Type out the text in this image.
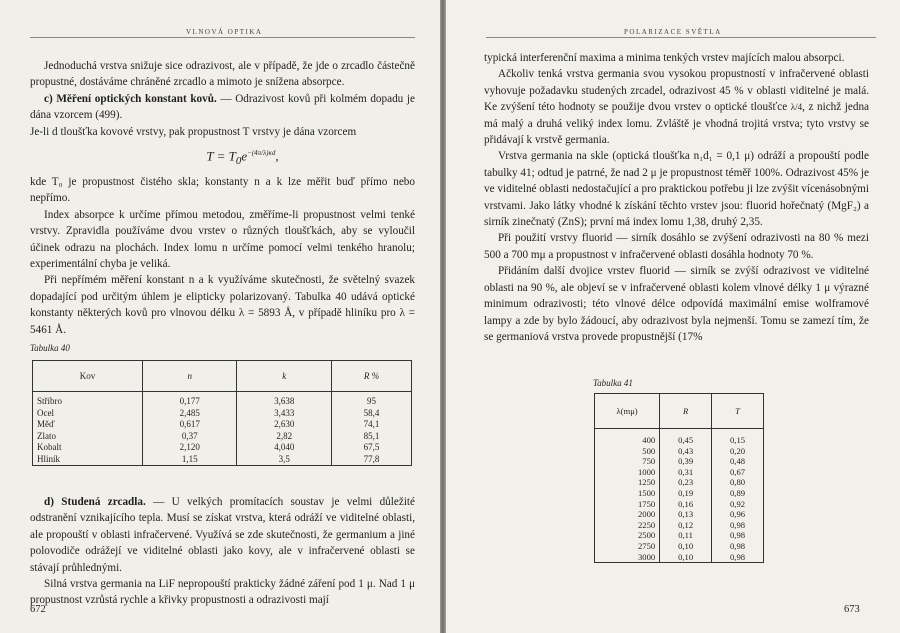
VLNOVÁ OPTIKA

Jednoduchá vrstva snižuje sice odrazivost, ale v případě, že jde o zrcadlo částečně propustné, dostáváme chráněné zrcadlo a mimoto je snížena absorpce.

c) Měření optických konstant kovů. — Odrazivost kovů při kolmém dopadu je dána vzorcem (499).

Je-li d tloušťka kovové vrstvy, pak propustnost T vrstvy je dána vzorcem

$T = T_0e^{-(4\pi/\lambda)\kappa d}$,

kde T₀ je propustnost čistého skla; konstanty n a k lze měřit buď přímo nebo nepřímo.

Index absorpce k určíme přímou metodou, změříme-li propustnost velmi tenké vrstvy. Zpravidla používáme dvou vrstev o různých tloušťkách, aby se vyloučil účinek odrazu na plochách. Index lomu n určíme pomocí velmi tenkého hranolu; experimentální chyba je veliká.

Při nepřímém měření konstant n a k využíváme skutečnosti, že světelný svazek dopadající pod určitým úhlem je elipticky polarizovaný. Tabulka 40 udává optické konstanty některých kovů pro vlnovou délku λ = 5893 Å, v případě hliníku pro λ = 5461 Å.

Tabulka 40
Kov	n	k	R %
Stříbro	0,177	3,638	95
Ocel	2,485	3,433	58,4
Měď	0,617	2,630	74,1
Zlato	0,37	2,82	85,1
Kobalt	2,120	4,040	67,5
Hliník	1,15	3,5	77,8

d) Studená zrcadla. — U velkých promítacích soustav je velmi důležité odstranění vznikajícího tepla. Musí se získat vrstva, která odráží ve viditelné oblasti, ale propouští v oblasti infračervené. Využívá se zde skutečnosti, že germanium a jiné polovodiče odrážejí ve viditelné oblasti jako kovy, ale v infračervené oblasti se stávají průhlednými.

Silná vrstva germania na LiF nepropouští prakticky žádné záření pod 1 μ. Nad 1 μ propustnost vzrůstá rychle a křivky propustnosti a odrazivosti mají

672
POLARIZACE SVĚTLA

typická interferenční maxima a minima tenkých vrstev majících malou absorpci.

Ačkoliv tenká vrstva germania svou vysokou propustností v infračervené oblasti vyhovuje požadavku studených zrcadel, odrazivost 45 % v oblasti viditelné je malá. Ke zvýšení této hodnoty se použije dvou vrstev o optické tloušťce λ/4, z nichž jedna má malý a druhá veliký index lomu. Zvláště je vhodná trojitá vrstva; tyto vrstvy se přidávají k vrstvě germania.

Vrstva germania na skle (optická tloušťka n₁d₁ = 0,1 μ) odráží a propouští podle tabulky 41; odtud je patrné, že nad 2 μ je propustnost téměř 100%. Odrazivost 45% je ve viditelné oblasti nedostačující a pro praktickou potřebu ji lze zvýšit vícenásobnými vrstvami. Jako látky vhodné k získání těchto vrstev jsou: fluorid hořečnatý (MgF₂) a sirník zinečnatý (ZnS); první má index lomu 1,38, druhý 2,35.

Při použití vrstvy fluorid — sirník dosáhlo se zvýšení odrazivosti na 80 % mezi 500 a 700 mμ a propustnost v infračervené oblasti dosáhla hodnoty 70 %.

Přidáním další dvojice vrstev fluorid — sirník se zvýší odrazivost ve viditelné oblasti na 90 %, ale objeví se v infračervené oblasti kolem vlnové délky 1 μ výrazné minimum odrazivosti; této vlnové délce odpovídá maximální emise wolframové lampy a zde by bylo žádoucí, aby odrazivost byla nejmenší. Tomu se zamezí tím, že se germaniová vrstva provede propustnější (17%

Tabulka 41
λ(mμ)	R	T
400	0,45	0,15
500	0,43	0,20
750	0,39	0,48
1000	0,31	0,67
1250	0,23	0,80
1500	0,19	0,89
1750	0,16	0,92
2000	0,13	0,96
2250	0,12	0,98
2500	0,11	0,98
2750	0,10	0,98
3000	0,10	0,98
673
